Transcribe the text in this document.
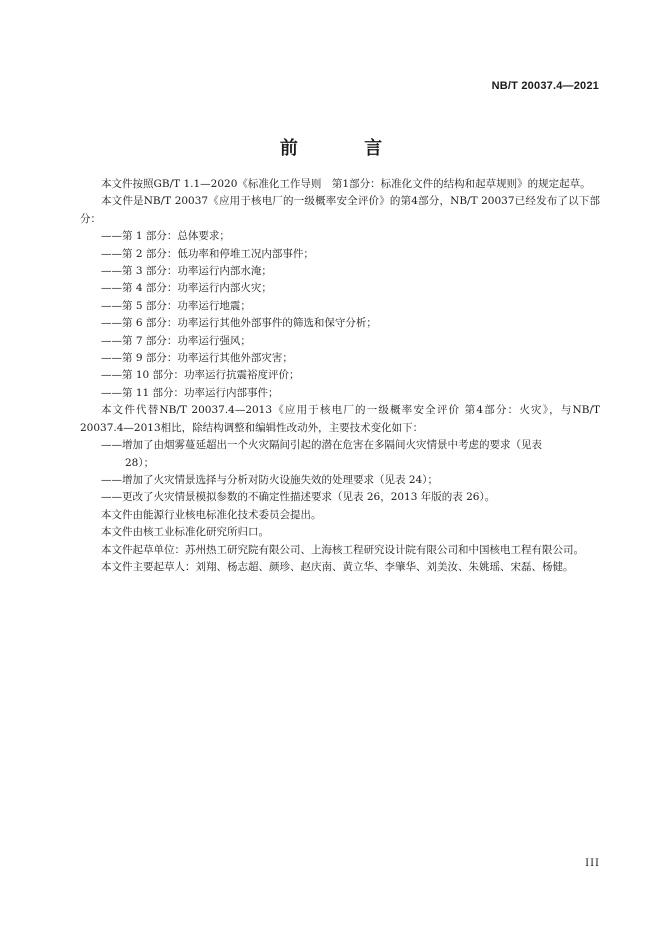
NB/T 20037.4—2021
前 言

本文件按照GB/T 1.1—2020《标准化工作导则　第1部分：标准化文件的结构和起草规则》的规定起草。

本文件是NB/T 20037《应用于核电厂的一级概率安全评价》的第4部分，NB/T 20037已经发布了以下部分：

——第 1 部分：总体要求；

——第 2 部分：低功率和停堆工况内部事件；

——第 3 部分：功率运行内部水淹；

——第 4 部分：功率运行内部火灾；

——第 5 部分：功率运行地震；

——第 6 部分：功率运行其他外部事件的筛选和保守分析；

——第 7 部分：功率运行强风；

——第 9 部分：功率运行其他外部灾害；

——第 10 部分：功率运行抗震裕度评价；

——第 11 部分：功率运行内部事件；

本文件代替NB/T 20037.4—2013《应用于核电厂的一级概率安全评价 第4部分：火灾》，与NB/T 20037.4—2013相比，除结构调整和编辑性改动外，主要技术变化如下：

——增加了由烟雾蔓延超出一个火灾隔间引起的潜在危害在多隔间火灾情景中考虑的要求（见表
28）；

——增加了火灾情景选择与分析对防火设施失效的处理要求（见表 24）；

——更改了火灾情景模拟参数的不确定性描述要求（见表 26，2013 年版的表 26）。

本文件由能源行业核电标准化技术委员会提出。

本文件由核工业标准化研究所归口。

本文件起草单位：苏州热工研究院有限公司、上海核工程研究设计院有限公司和中国核电工程有限公司。

本文件主要起草人：刘翔、杨志超、颜珍、赵庆南、黄立华、李肇华、刘美汝、朱姚瑶、宋磊、杨健。

III
